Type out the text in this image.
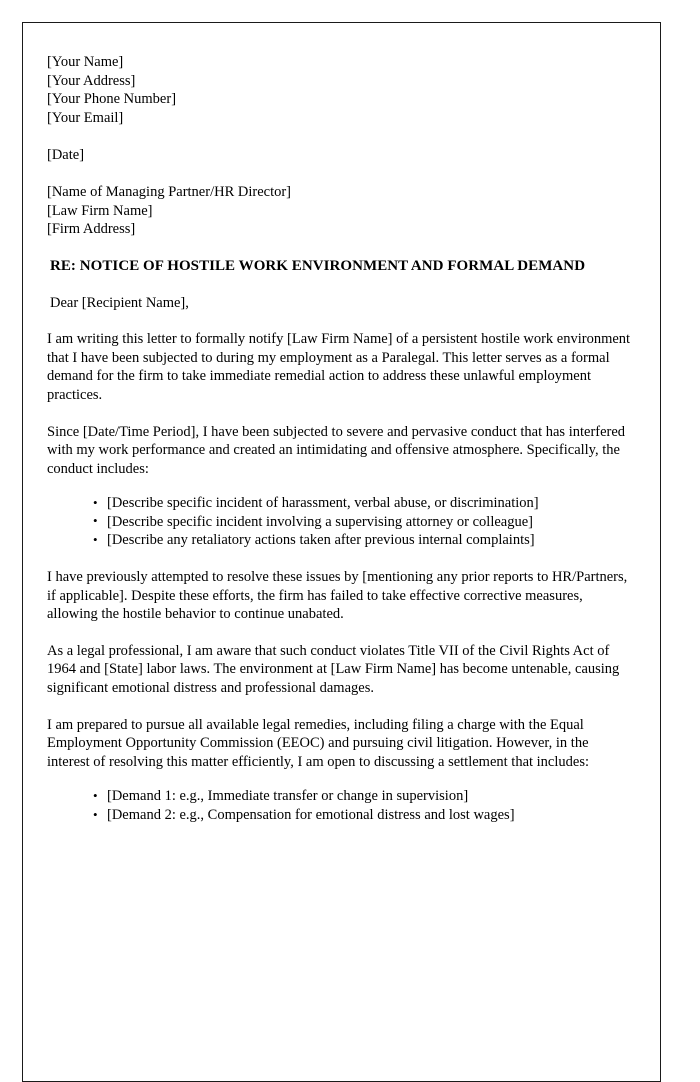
[Your Name]
[Your Address]
[Your Phone Number]
[Your Email]
[Date]
[Name of Managing Partner/HR Director]
[Law Firm Name]
[Firm Address]
RE: NOTICE OF HOSTILE WORK ENVIRONMENT AND FORMAL DEMAND
Dear [Recipient Name],

I am writing this letter to formally notify [Law Firm Name] of a persistent hostile work environment that I have been subjected to during my employment as a Paralegal. This letter serves as a formal demand for the firm to take immediate remedial action to address these unlawful employment practices.

Since [Date/Time Period], I have been subjected to severe and pervasive conduct that has interfered with my work performance and created an intimidating and offensive atmosphere. Specifically, the conduct includes:

• [Describe specific incident of harassment, verbal abuse, or discrimination]
• [Describe specific incident involving a supervising attorney or colleague]
• [Describe any retaliatory actions taken after previous internal complaints]

I have previously attempted to resolve these issues by [mentioning any prior reports to HR/Partners, if applicable]. Despite these efforts, the firm has failed to take effective corrective measures, allowing the hostile behavior to continue unabated.

As a legal professional, I am aware that such conduct violates Title VII of the Civil Rights Act of 1964 and [State] labor laws. The environment at [Law Firm Name] has become untenable, causing significant emotional distress and professional damages.

I am prepared to pursue all available legal remedies, including filing a charge with the Equal Employment Opportunity Commission (EEOC) and pursuing civil litigation. However, in the interest of resolving this matter efficiently, I am open to discussing a settlement that includes:

• [Demand 1: e.g., Immediate transfer or change in supervision]
• [Demand 2: e.g., Compensation for emotional distress and lost wages]
